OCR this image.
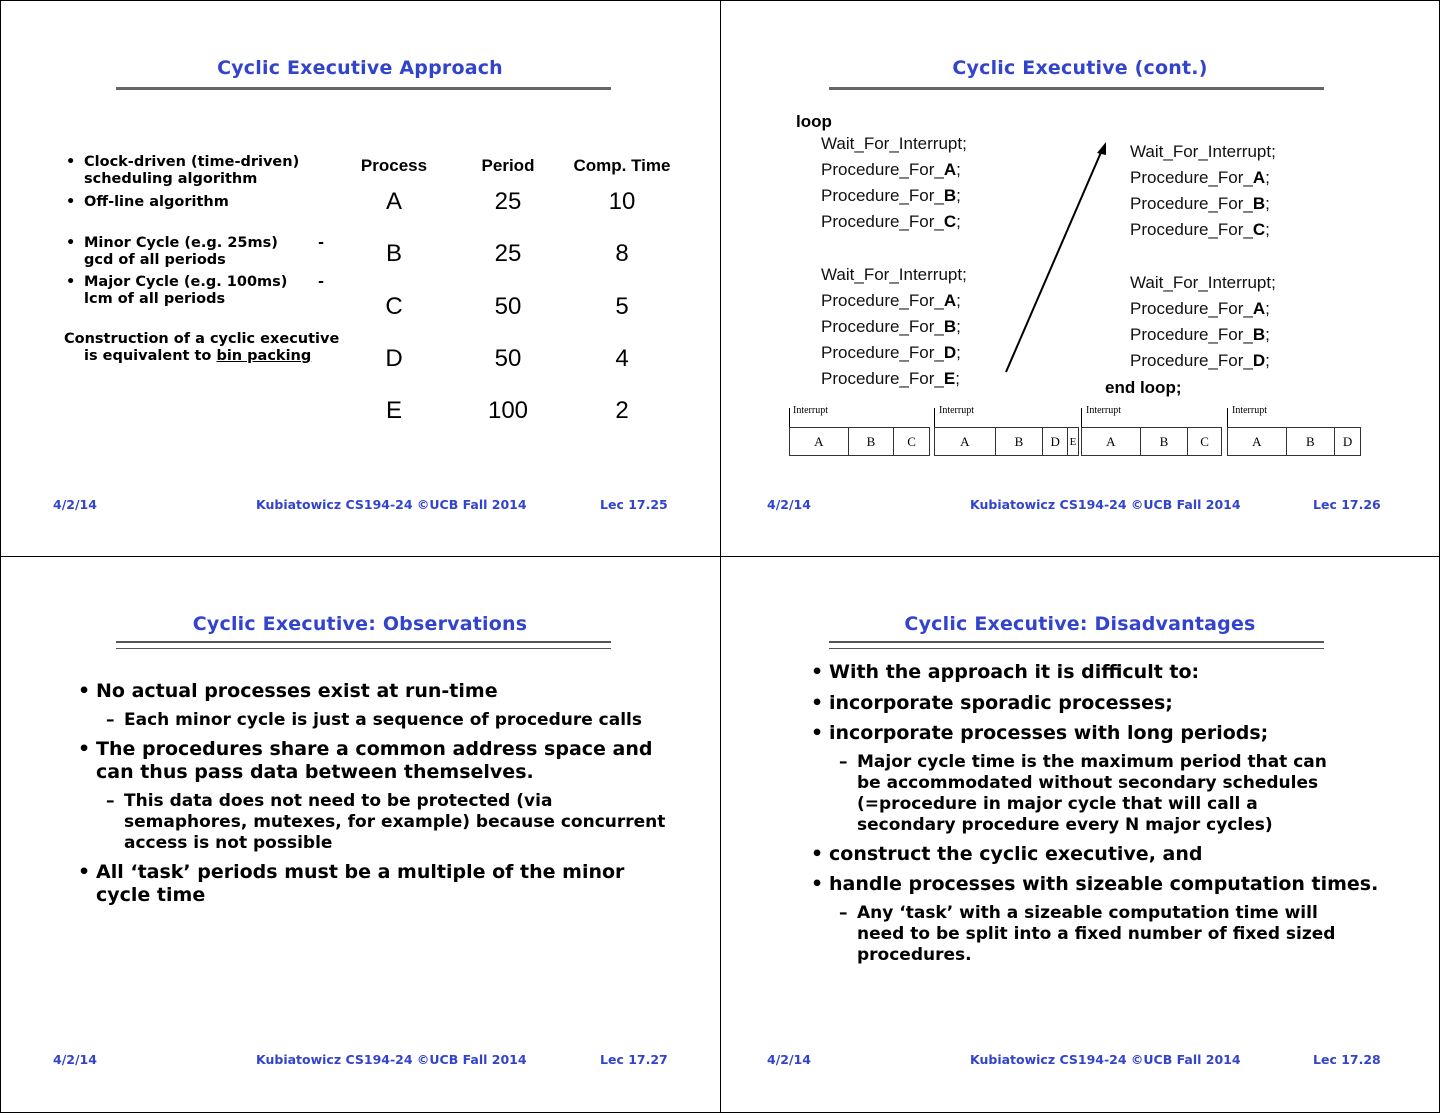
Cyclic Executive Approach
• Clock-driven (time-driven)
scheduling algorithm
• Off-line algorithm
• Minor Cycle (e.g. 25ms)
gcd of all periods
-
• Major Cycle (e.g. 100ms)
lcm of all periods
-
Construction of a cyclic executive
is equivalent to bin packing
Process	Period	Comp. Time
A	25	10
B	25	8
C	50	5
D	50	4
E	100	2
4/2/14	Kubiatowicz CS194-24 ©UCB Fall 2014	Lec 17.25
Cyclic Executive (cont.)
loop
Wait_For_Interrupt;
Procedure_For_A;
Procedure_For_B;
Procedure_For_C;
Wait_For_Interrupt;
Procedure_For_A;
Procedure_For_B;
Procedure_For_D;
Procedure_For_E;
Wait_For_Interrupt;
Procedure_For_A;
Procedure_For_B;
Procedure_For_C;
Wait_For_Interrupt;
Procedure_For_A;
Procedure_For_B;
Procedure_For_D;
end loop;
Interrupt
A	B	C
Interrupt
A	B	D E
Interrupt
A	B	C
Interrupt
A	B	D
4/2/14	Kubiatowicz CS194-24 ©UCB Fall 2014	Lec 17.26
Cyclic Executive: Observations
• No actual processes exist at run-time
– Each minor cycle is just a sequence of procedure calls
• The procedures share a common address space and
can thus pass data between themselves.
– This data does not need to be protected (via
semaphores, mutexes, for example) because concurrent
access is not possible
• All ‘task’ periods must be a multiple of the minor
cycle time
4/2/14	Kubiatowicz CS194-24 ©UCB Fall 2014	Lec 17.27
Cyclic Executive: Disadvantages
• With the approach it is difficult to:
• incorporate sporadic processes;
• incorporate processes with long periods;
– Major cycle time is the maximum period that can
be accommodated without secondary schedules
(=procedure in major cycle that will call a
secondary procedure every N major cycles)
• construct the cyclic executive, and
• handle processes with sizeable computation times.
– Any ‘task’ with a sizeable computation time will
need to be split into a fixed number of fixed sized
procedures.
4/2/14	Kubiatowicz CS194-24 ©UCB Fall 2014	Lec 17.28
